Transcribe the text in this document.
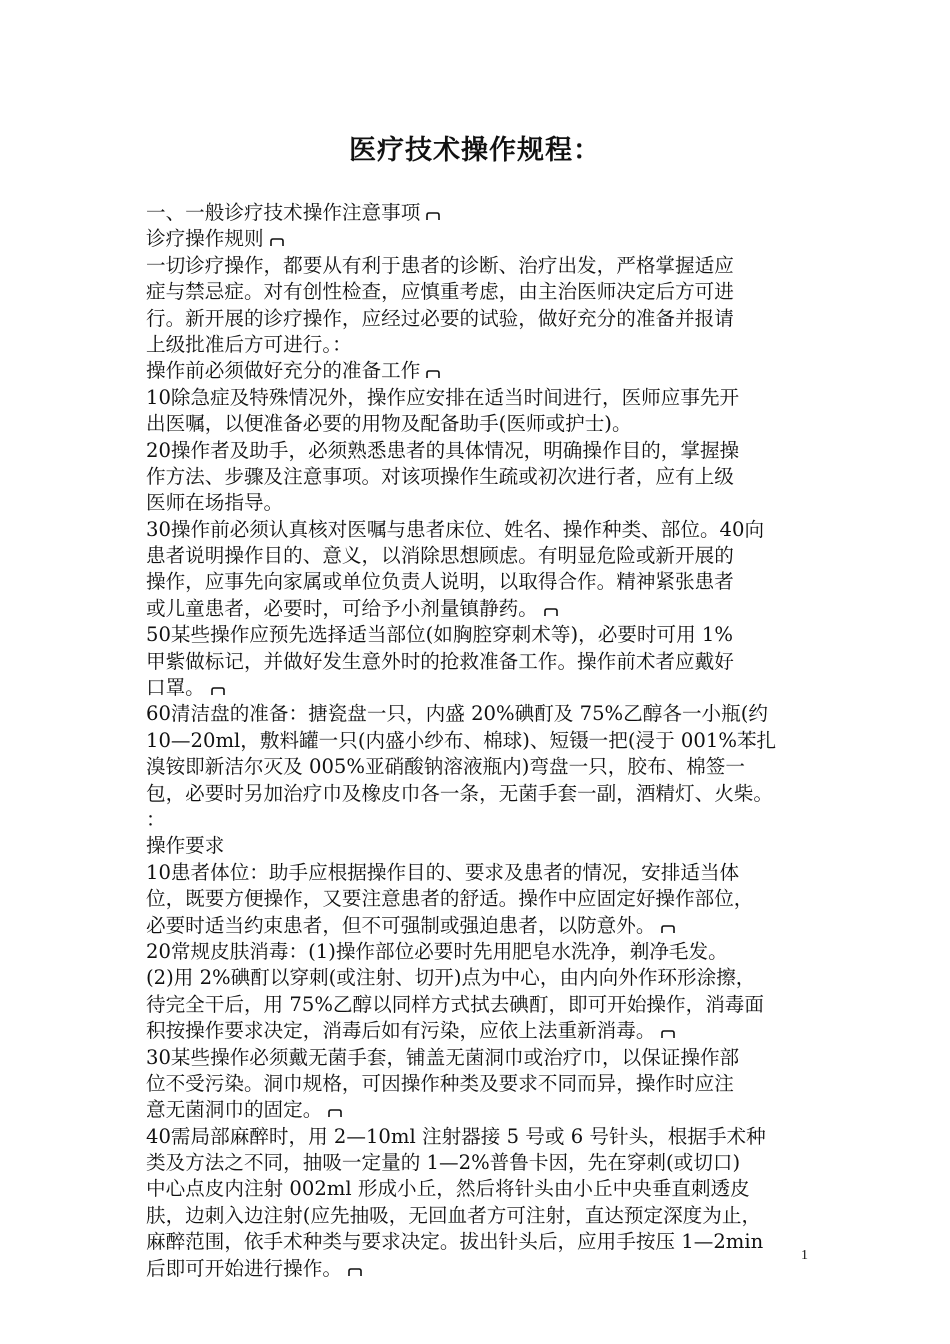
医疗技术操作规程：
一、一般诊疗技术操作注意事项
诊疗操作规则
一切诊疗操作，都要从有利于患者的诊断、治疗出发，严格掌握适应
症与禁忌症。对有创性检查，应慎重考虑，由主治医师决定后方可进
行。新开展的诊疗操作，应经过必要的试验，做好充分的准备并报请
上级批准后方可进行。：
操作前必须做好充分的准备工作
10除急症及特殊情况外，操作应安排在适当时间进行，医师应事先开
出医嘱，以便准备必要的用物及配备助手(医师或护士)。
20操作者及助手，必须熟悉患者的具体情况，明确操作目的，掌握操
作方法、步骤及注意事项。对该项操作生疏或初次进行者，应有上级
医师在场指导。
30操作前必须认真核对医嘱与患者床位、姓名、操作种类、部位。40向
患者说明操作目的、意义，以消除思想顾虑。有明显危险或新开展的
操作，应事先向家属或单位负责人说明，以取得合作。精神紧张患者
或儿童患者，必要时，可给予小剂量镇静药。
50某些操作应预先选择适当部位(如胸腔穿刺术等)，必要时可用 1%
甲紫做标记，并做好发生意外时的抢救准备工作。操作前术者应戴好
口罩。
60清洁盘的准备：搪瓷盘一只，内盛 20%碘酊及 75%乙醇各一小瓶(约
10—20ml，敷料罐一只(内盛小纱布、棉球)、短镊一把(浸于 001%苯扎
溴铵即新洁尔灭及 005%亚硝酸钠溶液瓶内)弯盘一只，胶布、棉签一
包，必要时另加治疗巾及橡皮巾各一条，无菌手套一副，酒精灯、火柴。
：
操作要求
10患者体位：助手应根据操作目的、要求及患者的情况，安排适当体
位，既要方便操作，又要注意患者的舒适。操作中应固定好操作部位，
必要时适当约束患者，但不可强制或强迫患者，以防意外。
20常规皮肤消毒：(1)操作部位必要时先用肥皂水洗净，剃净毛发。
(2)用 2%碘酊以穿刺(或注射、切开)点为中心，由内向外作环形涂擦，
待完全干后，用 75%乙醇以同样方式拭去碘酊，即可开始操作，消毒面
积按操作要求决定，消毒后如有污染，应依上法重新消毒。
30某些操作必须戴无菌手套，铺盖无菌洞巾或治疗巾，以保证操作部
位不受污染。洞巾规格，可因操作种类及要求不同而异，操作时应注
意无菌洞巾的固定。
40需局部麻醉时，用 2—10ml 注射器接 5 号或 6 号针头，根据手术种
类及方法之不同，抽吸一定量的 1—2%普鲁卡因，先在穿刺(或切口)
中心点皮内注射 002ml 形成小丘，然后将针头由小丘中央垂直刺透皮
肤，边刺入边注射(应先抽吸，无回血者方可注射，直达预定深度为止，
麻醉范围，依手术种类与要求决定。拔出针头后，应用手按压 1—2min
后即可开始进行操作。
1
